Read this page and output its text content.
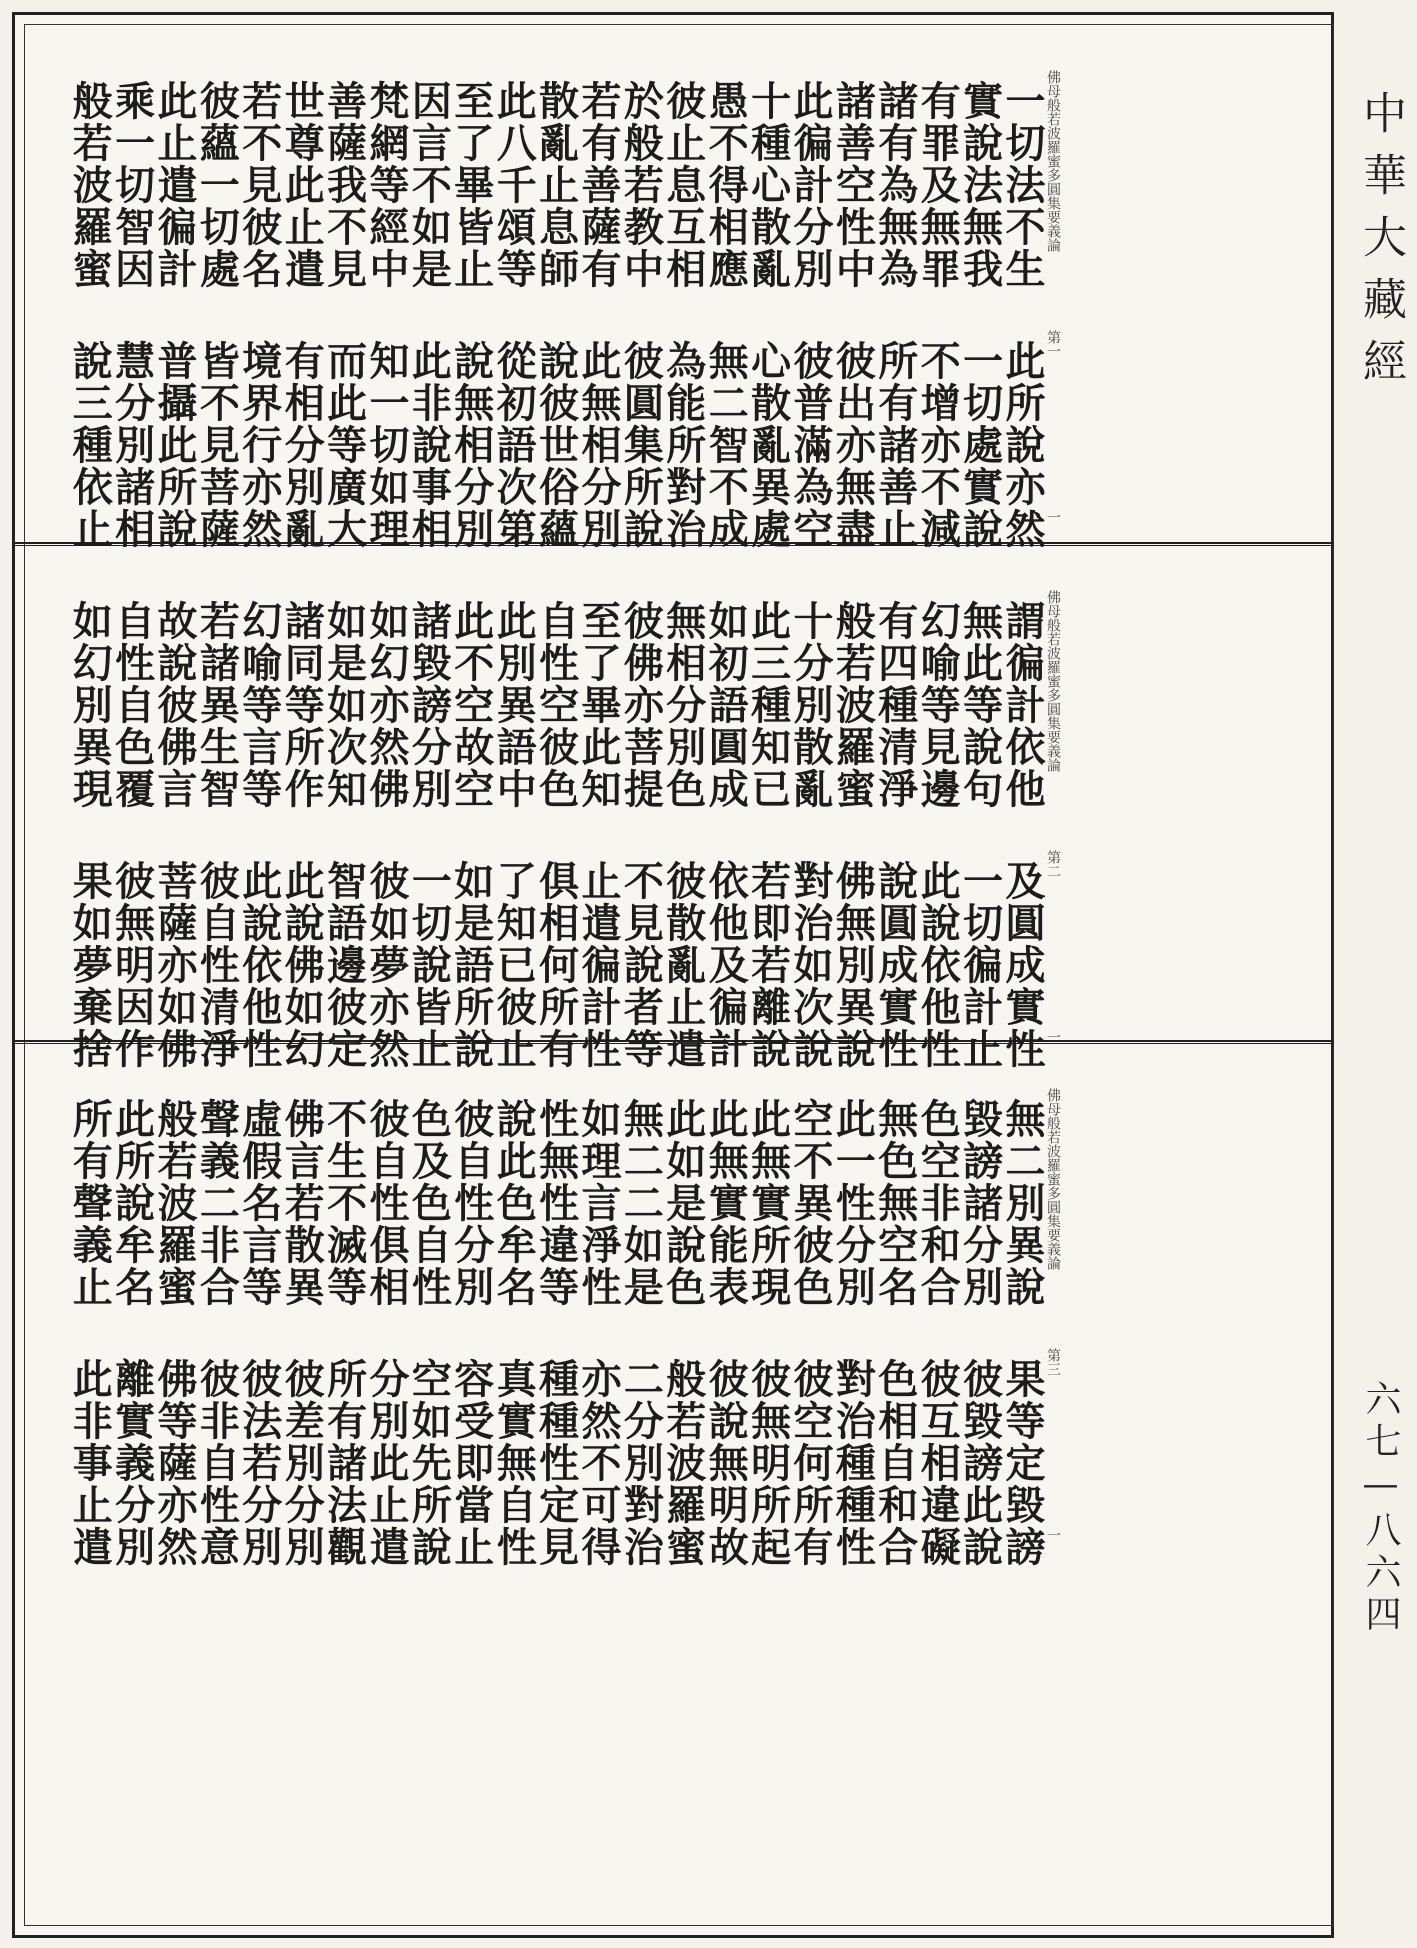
佛母般若波羅蜜多圓集要義論
第一
一
一切法不生
實說法無我
有罪及無罪
諸有為無為
諸善空性中
此徧計分別
十種心散亂
愚不得相應
彼止息互相
於般若教中
若有善薩有
散亂止息師
此八千頌等
至了畢皆止
因言不如是
梵網等經中
善薩我不見
世尊此止遣
若不見彼名
彼蘊一切處
此止遣徧計
乘一切智因
般若波羅蜜
此所說亦然
一切處實說
不增亦不減
所有諸善止
彼出亦無盡
彼普滿為空
心散亂異處
無二智不成
為能所對治
彼圓集所說
此無相分別
說彼世俗蘊
從初語次第
說無相分別
此非說事相
知一切如理
而此等廣大
有相分別亂
境界行亦然
皆不見菩薩
普攝此所說
慧分別諸相
說三種依止
佛母般若波羅蜜多圓集要義論
第二
一
謂徧計依他
無此等說句
幻喻等見邊
有四種清淨
般若波羅蜜
十分別散亂
此三種知已
如初語圓成
無相分別色
彼佛亦菩提
至了畢此知
自性空彼色
此別異語中
此不空故空
諸毀謗分別
如幻亦然佛
如是如次知
諸同等所作
幻喻等言等
若諸異生智
故說彼佛言
自性自色覆
如幻別異現
及圓成實性
一切徧計止
此說依他性
說圓成實性
佛無別異說
對治如次說
若即若離說
依他及徧計
彼散亂止遣
不見說者等
止遣徧計性
俱相何所有
了知已彼止
如是語所說
一切說皆止
彼如夢亦然
智語邊彼定
此說佛如幻
此說依他性
彼自性清淨
菩薩亦如佛
彼無明因作
果如夢棄捨
佛母般若波羅蜜多圓集要義論
第三
一
無二別異說
毀謗諸分別
色空非和合
無色無空名
此一性分別
空不異彼色
此無實所現
此無實能表
此如是說色
無二二如是
如理言淨性
性無性違等
說此色牟名
彼自性分別
色及色自性
彼自性俱相
不生不滅等
佛言若散異
虛假名言等
聲義二非合
般若波羅蜜
此所說牟名
所有聲義止
果等定毀謗
彼毀謗此說
彼互相違礙
色相自和合
對治種種性
彼空何所有
彼無明所起
彼說無明故
般若波羅蜜
二分別對治
亦然不可得
種種性定見
真實無自性
容受即當止
空如先所說
分別此止遣
所有諸法觀
彼差別分別
彼法若分別
彼非自性意
佛等薩亦然
離實義分別
此非事止遣
中華大藏經
六七—八六四
